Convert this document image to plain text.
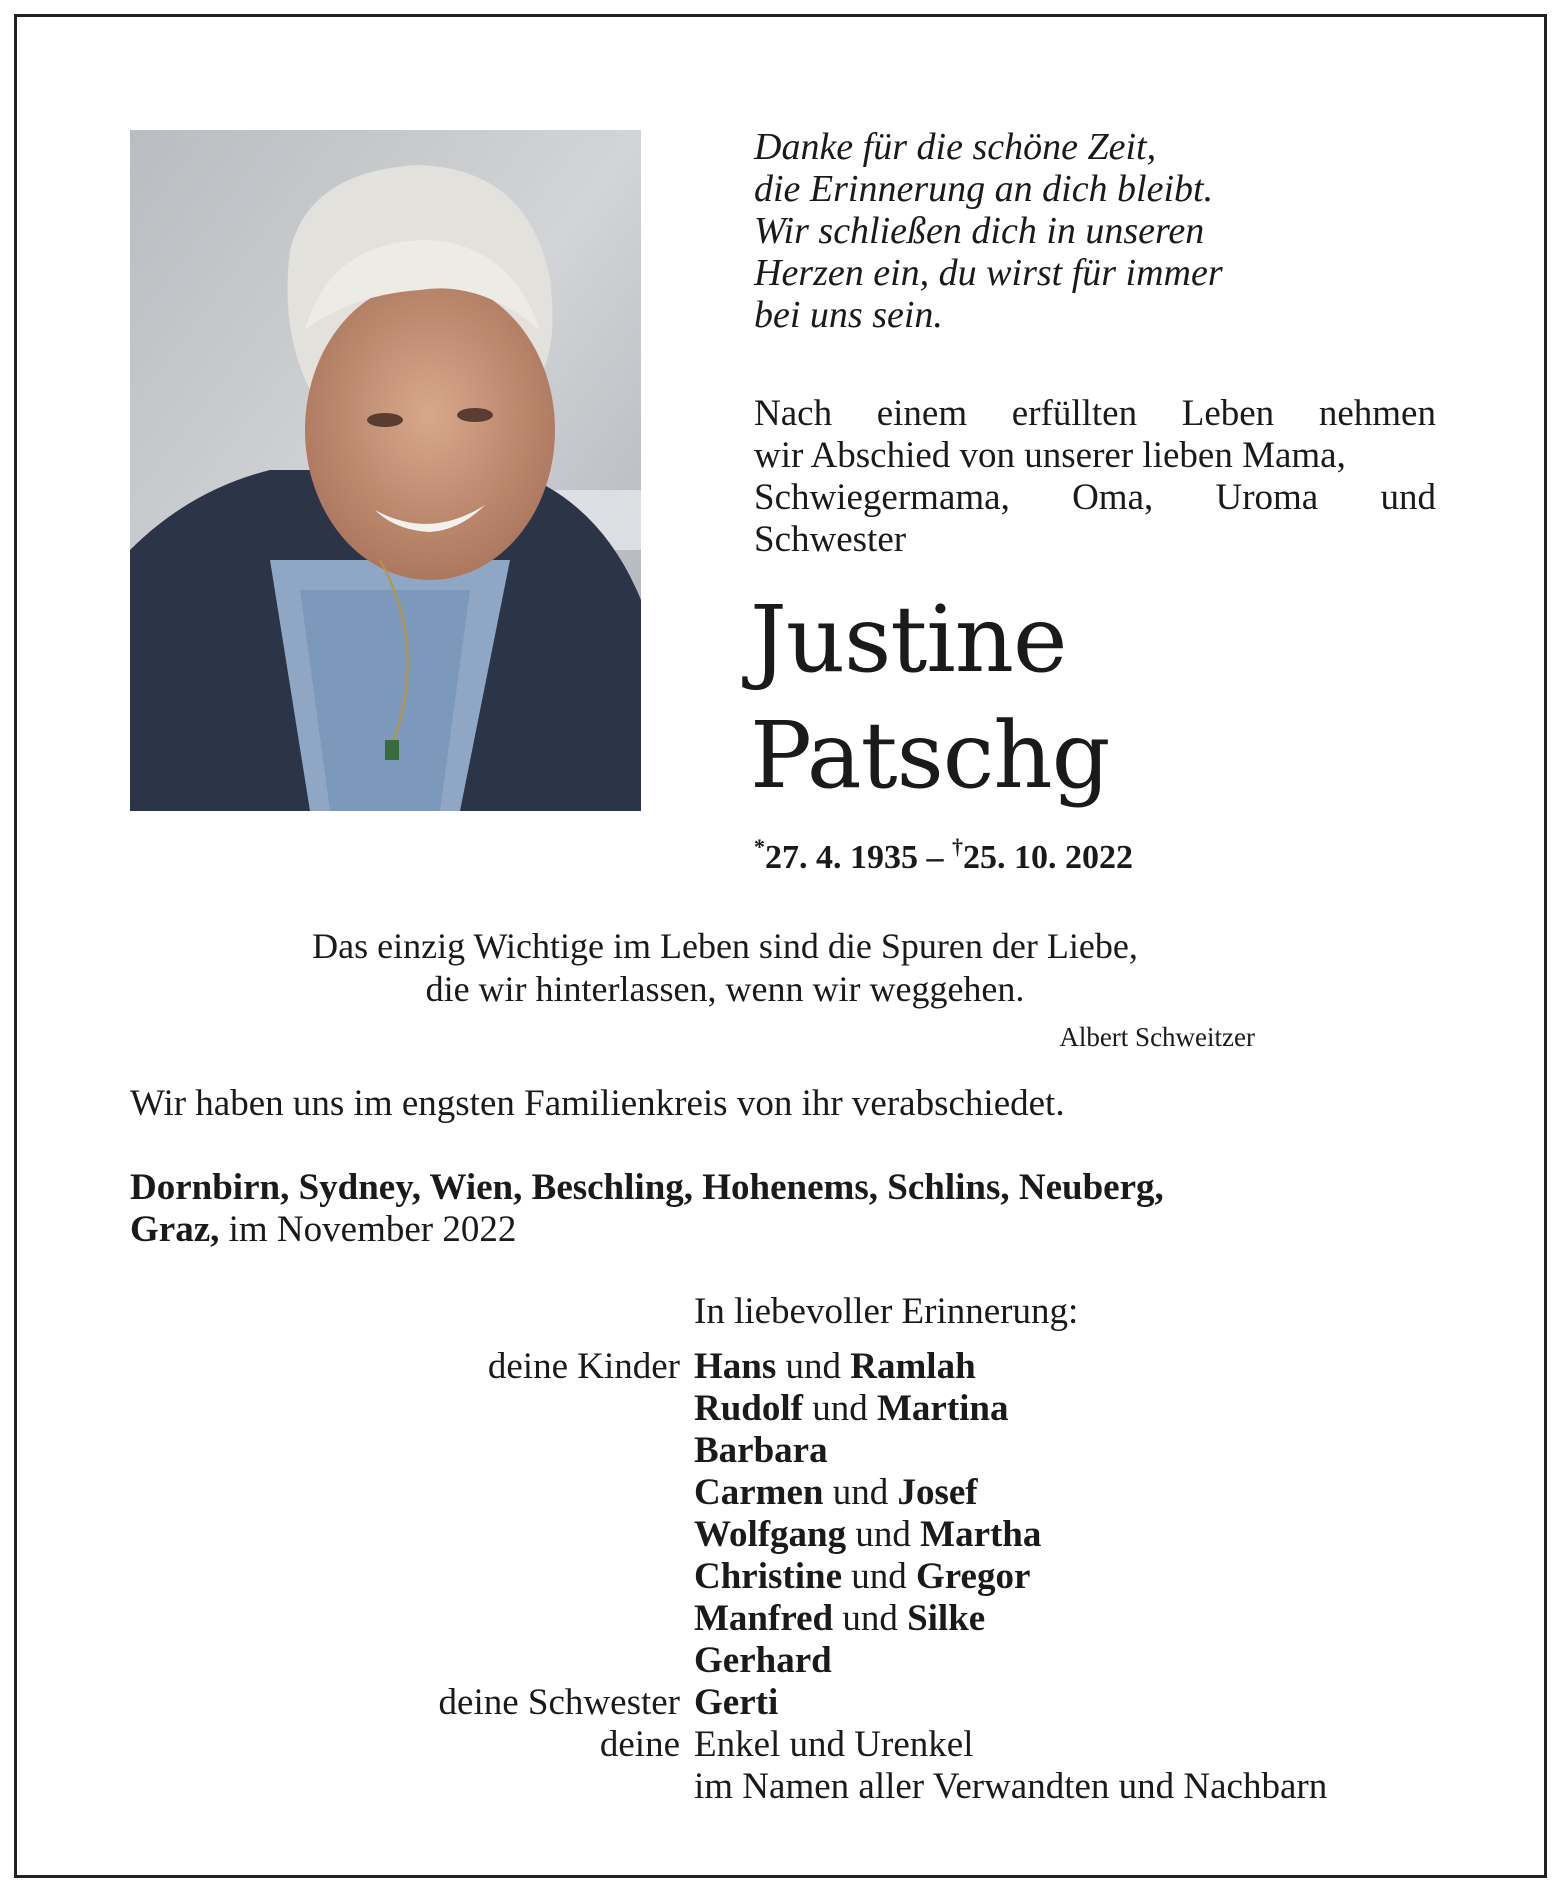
Danke für die schöne Zeit,
die Erinnerung an dich bleibt.
Wir schließen dich in unseren
Herzen ein, du wirst für immer
bei uns sein.
Nach einem erfüllten Leben nehmen
wir Abschied von unserer lieben Mama,
Schwiegermama, Oma, Uroma und
Schwester
Justine
Patschg
*27. 4. 1935 – †25. 10. 2022
Das einzig Wichtige im Leben sind die Spuren der Liebe,
die wir hinterlassen, wenn wir weggehen.
Albert Schweitzer
Wir haben uns im engsten Familienkreis von ihr verabschiedet.
Dornbirn, Sydney, Wien, Beschling, Hohenems, Schlins, Neuberg,
Graz, im November 2022
In liebevoller Erinnerung:
deine Kinder Hans und Ramlah
Rudolf und Martina
Barbara
Carmen und Josef
Wolfgang und Martha
Christine und Gregor
Manfred und Silke
Gerhard
deine Schwester Gerti
deine Enkel und Urenkel
im Namen aller Verwandten und Nachbarn
